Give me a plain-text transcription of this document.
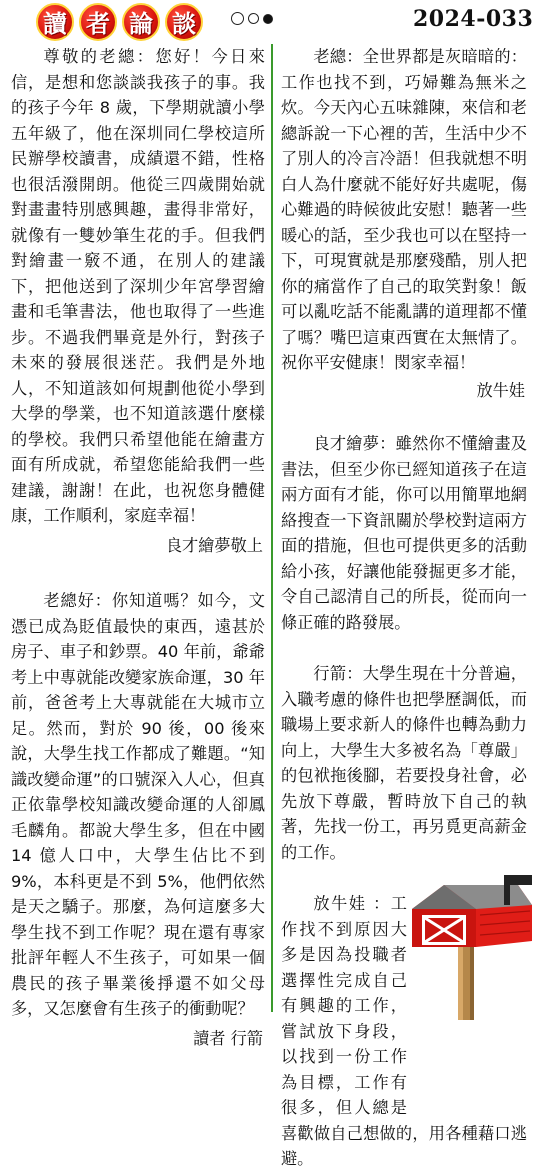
讀 者 論 談	2024-033

尊敬的老總：您好！今日來信，是想和您談談我孩子的事。我的孩子今年 8 歲，下學期就讀小學五年級了，他在深圳同仁學校這所民辦學校讀書，成績還不錯，性格也很活潑開朗。他從三四歲開始就對畫畫特別感興趣，畫得非常好，就像有一雙妙筆生花的手。但我們對繪畫一竅不通，在別人的建議下，把他送到了深圳少年宮學習繪畫和毛筆書法，他也取得了一些進步。不過我們畢竟是外行，對孩子未來的發展很迷茫。我們是外地人，不知道該如何規劃他從小學到大學的學業，也不知道該選什麼樣的學校。我們只希望他能在繪畫方面有所成就，希望您能給我們一些建議，謝謝！在此，也祝您身體健康，工作順利，家庭幸福！

良才繪夢敬上

老總好：你知道嗎？如今，文憑已成為貶值最快的東西，遠甚於房子、車子和鈔票。40 年前，爺爺考上中專就能改變家族命運，30 年前，爸爸考上大專就能在大城市立足。然而，對於 90 後，00 後來說，大學生找工作都成了難題。“知識改變命運”的口號深入人心，但真正依靠學校知識改變命運的人卻鳳毛麟角。都說大學生多，但在中國 14 億人口中，大學生佔比不到 9%，本科更是不到 5%，他們依然是天之驕子。那麼，為何這麼多大學生找不到工作呢？現在還有專家批評年輕人不生孩子，可如果一個農民的孩子畢業後掙還不如父母多，又怎麼會有生孩子的衝動呢？

讀者 行箭

老總：全世界都是灰暗暗的：工作也找不到，巧婦難為無米之炊。今天內心五味雜陳，來信和老總訴說一下心裡的苦，生活中少不了別人的冷言冷語！但我就想不明白人為什麼就不能好好共處呢，傷心難過的時候彼此安慰！聽著一些暖心的話，至少我也可以在堅持一下，可現實就是那麼殘酷，別人把你的痛當作了自己的取笑對象！飯可以亂吃話不能亂講的道理都不懂了嗎？嘴巴這東西實在太無情了。祝你平安健康！閔家幸福！

放牛娃

良才繪夢：雖然你不懂繪畫及書法，但至少你已經知道孩子在這兩方面有才能，你可以用簡單地網絡搜查一下資訊關於學校對這兩方面的措施，但也可提供更多的活動給小孩，好讓他能發掘更多才能，令自己認清自己的所長，從而向一條正確的路發展。

行箭：大學生現在十分普遍，入職考慮的條件也把學歷調低，而職場上要求新人的條件也轉為動力向上，大學生大多被名為「尊嚴」的包袱拖後腳，若要投身社會，必先放下尊嚴，暫時放下自己的執著，先找一份工，再另覓更高薪金的工作。

放牛娃 ：工作找不到原因大多是因為投職者選擇性完成自己有興趣的工作，嘗試放下身段，以找到一份工作為目標，工作有很多，但人總是喜歡做自己想做的，用各種藉口逃避。
